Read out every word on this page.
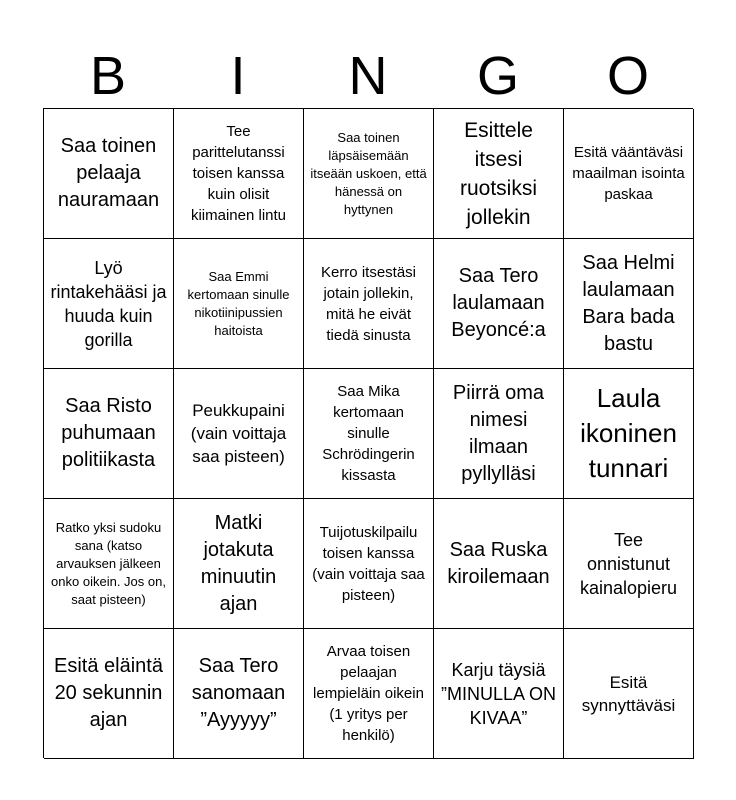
B	I	N	G	O
Saa toinen pelaaja nauramaan
Tee parittelutanssi toisen kanssa kuin olisit kiimainen lintu
Saa toinen läpsäisemään itseään uskoen, että hänessä on hyttynen
Esittele itsesi ruotsiksi jollekin
Esitä vääntäväsi maailman isointa paskaa
Lyö rintakehääsi ja huuda kuin gorilla
Saa Emmi kertomaan sinulle nikotiinipussien haitoista
Kerro itsestäsi jotain jollekin, mitä he eivät tiedä sinusta
Saa Tero laulamaan Beyoncé:a
Saa Helmi laulamaan Bara bada bastu
Saa Risto puhumaan politiikasta
Peukkupaini (vain voittaja saa pisteen)
Saa Mika kertomaan sinulle Schrödingerin kissasta
Piirrä oma nimesi ilmaan pyllylläsi
Laula ikoninen tunnari
Ratko yksi sudoku sana (katso arvauksen jälkeen onko oikein. Jos on, saat pisteen)
Matki jotakuta minuutin ajan
Tuijotuskilpailu toisen kanssa (vain voittaja saa pisteen)
Saa Ruska kiroilemaan
Tee onnistunut kainalopieru
Esitä eläintä 20 sekunnin ajan
Saa Tero sanomaan ”Ayyyyy”
Arvaa toisen pelaajan lempieläin oikein (1 yritys per henkilö)
Karju täysiä ”MINULLA ON KIVAA”
Esitä synnyttäväsi
